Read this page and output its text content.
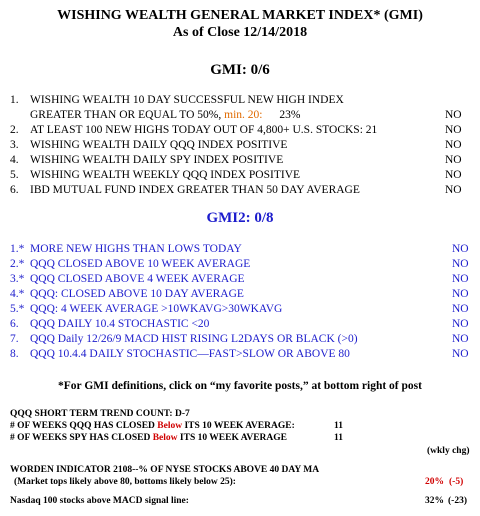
WISHING WEALTH GENERAL MARKET INDEX* (GMI)
As of Close 12/14/2018
GMI: 0/6
1. WISHING WEALTH 10 DAY SUCCESSFUL NEW HIGH INDEX
GREATER THAN OR EQUAL TO 50%, min. 20: 23%	NO
2. AT LEAST 100 NEW HIGHS TODAY OUT OF 4,800+ U.S. STOCKS: 21	NO
3. WISHING WEALTH DAILY QQQ INDEX POSITIVE	NO
4. WISHING WEALTH DAILY SPY INDEX POSITIVE	NO
5. WISHING WEALTH WEEKLY QQQ INDEX POSITIVE	NO
6. IBD MUTUAL FUND INDEX GREATER THAN 50 DAY AVERAGE	NO
GMI2: 0/8
1.* MORE NEW HIGHS THAN LOWS TODAY	NO
2.* QQQ CLOSED ABOVE 10 WEEK AVERAGE	NO
3.* QQQ CLOSED ABOVE 4 WEEK AVERAGE	NO
4.* QQQ: CLOSED ABOVE 10 DAY AVERAGE	NO
5.* QQQ: 4 WEEK AVERAGE >10WKAVG>30WKAVG	NO
6. QQQ DAILY 10.4 STOCHASTIC <20	NO
7. QQQ Daily 12/26/9 MACD HIST RISING L2DAYS OR BLACK (>0)	NO
8. QQQ 10.4.4 DAILY STOCHASTIC—FAST>SLOW OR ABOVE 80	NO
*For GMI definitions, click on “my favorite posts,” at bottom right of post
QQQ SHORT TERM TREND COUNT: D-7
# OF WEEKS QQQ HAS CLOSED Below ITS 10 WEEK AVERAGE:	11
# OF WEEKS SPY HAS CLOSED Below ITS 10 WEEK AVERAGE	11
(wkly chg)
WORDEN INDICATOR 2108--% OF NYSE STOCKS ABOVE 40 DAY MA
(Market tops likely above 80, bottoms likely below 25):	20% (-5)
Nasdaq 100 stocks above MACD signal line:	32% (-23)
